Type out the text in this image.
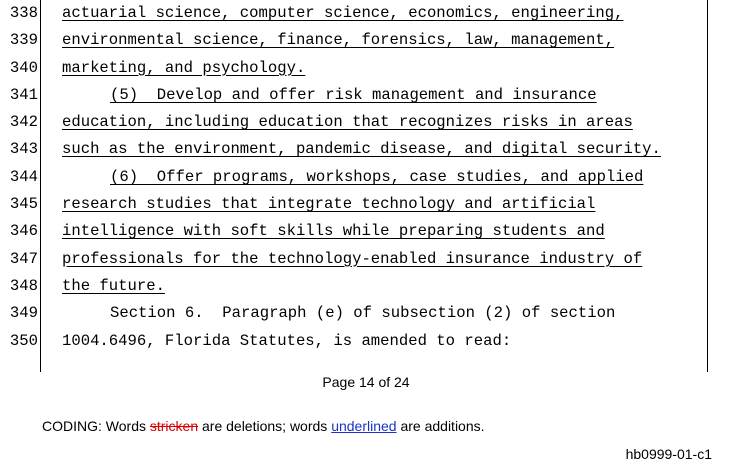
338
339
340
341
342
343
344
345
346
347
348
349
350
actuarial science, computer science, economics, engineering,
environmental science, finance, forensics, law, management,
marketing, and psychology.
(5)  Develop and offer risk management and insurance
education, including education that recognizes risks in areas
such as the environment, pandemic disease, and digital security.
(6)  Offer programs, workshops, case studies, and applied
research studies that integrate technology and artificial
intelligence with soft skills while preparing students and
professionals for the technology-enabled insurance industry of
the future.
Section 6.  Paragraph (e) of subsection (2) of section
1004.6496, Florida Statutes, is amended to read:
Page 14 of 24
CODING: Words stricken are deletions; words underlined are additions.
hb0999-01-c1
